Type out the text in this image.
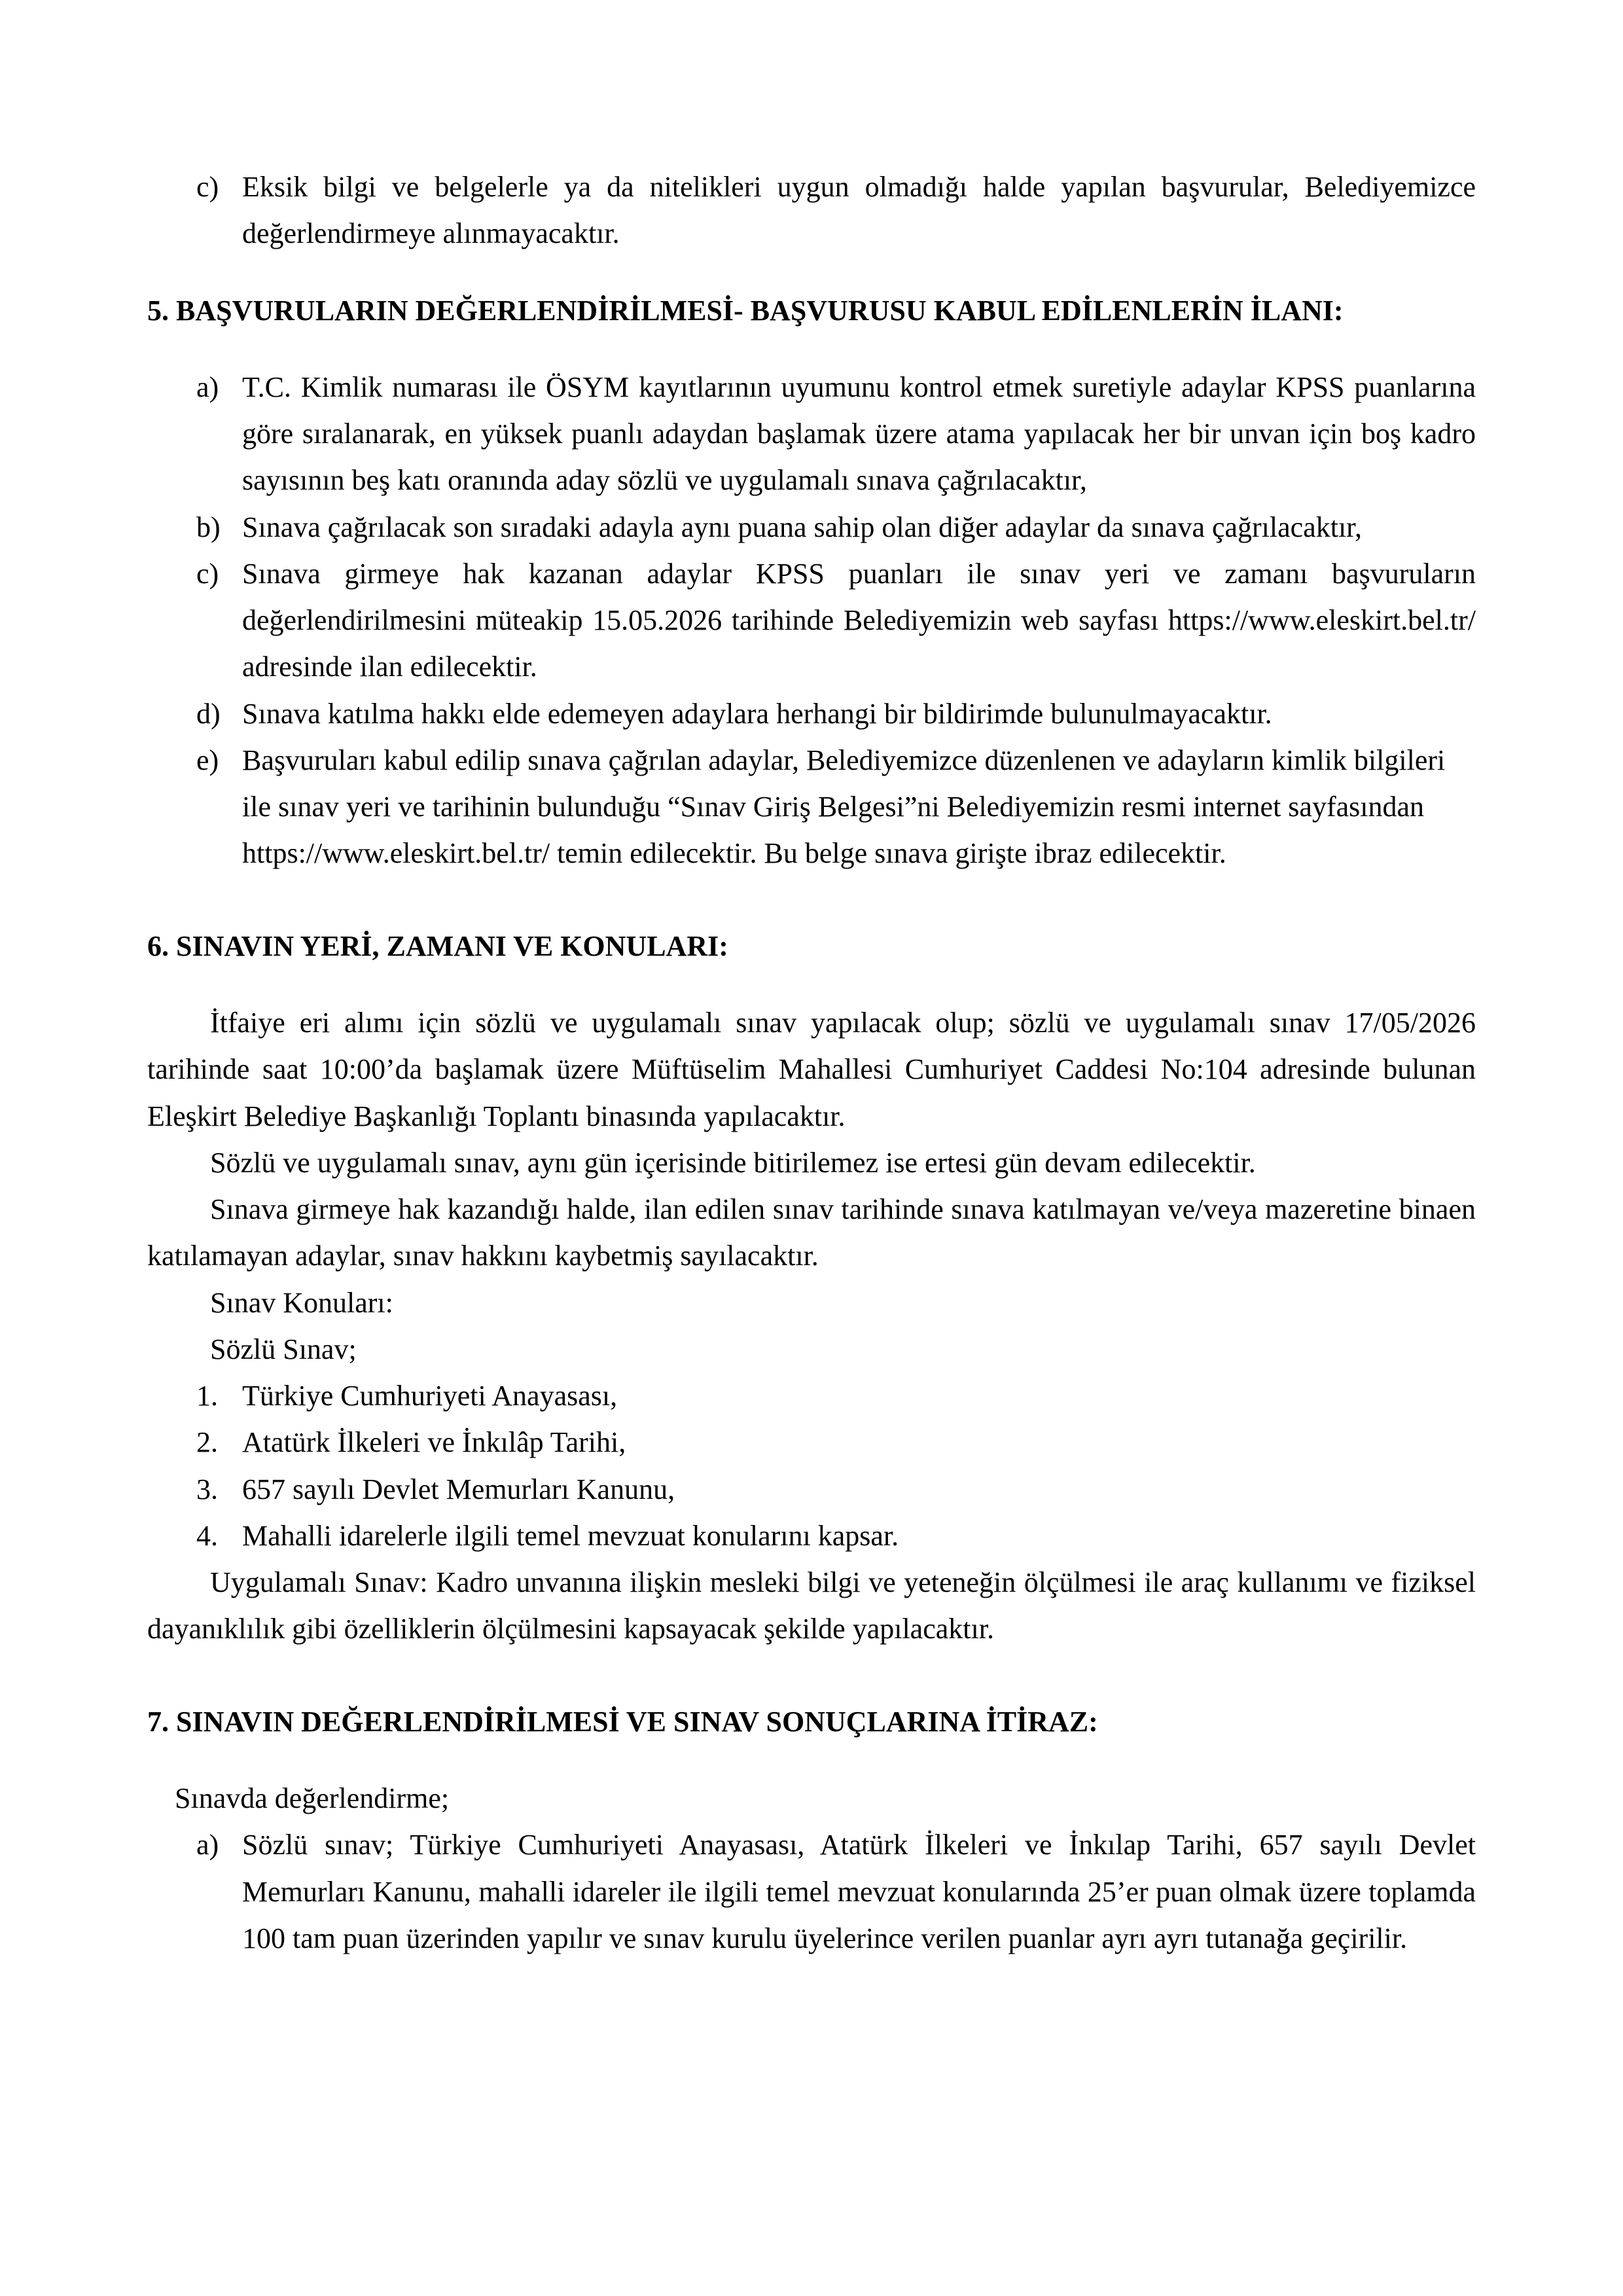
c) Eksik bilgi ve belgelerle ya da nitelikleri uygun olmadığı halde yapılan başvurular, Belediyemizce değerlendirmeye alınmayacaktır.
5. BAŞVURULARIN DEĞERLENDİRİLMESİ- BAŞVURUSU KABUL EDİLENLERİN İLANI:
a) T.C. Kimlik numarası ile ÖSYM kayıtlarının uyumunu kontrol etmek suretiyle adaylar KPSS puanlarına göre sıralanarak, en yüksek puanlı adaydan başlamak üzere atama yapılacak her bir unvan için boş kadro sayısının beş katı oranında aday sözlü ve uygulamalı sınava çağrılacaktır,
b) Sınava çağrılacak son sıradaki adayla aynı puana sahip olan diğer adaylar da sınava çağrılacaktır,
c) Sınava girmeye hak kazanan adaylar KPSS puanları ile sınav yeri ve zamanı başvuruların değerlendirilmesini müteakip 15.05.2026 tarihinde Belediyemizin web sayfası https://www.eleskirt.bel.tr/ adresinde ilan edilecektir.
d) Sınava katılma hakkı elde edemeyen adaylara herhangi bir bildirimde bulunulmayacaktır.
e) Başvuruları kabul edilip sınava çağrılan adaylar, Belediyemizce düzenlenen ve adayların kimlik bilgileri ile sınav yeri ve tarihinin bulunduğu “Sınav Giriş Belgesi”ni Belediyemizin resmi internet sayfasından https://www.eleskirt.bel.tr/ temin edilecektir. Bu belge sınava girişte ibraz edilecektir.
6. SINAVIN YERİ, ZAMANI VE KONULARI:

İtfaiye eri alımı için sözlü ve uygulamalı sınav yapılacak olup; sözlü ve uygulamalı sınav 17/05/2026 tarihinde saat 10:00’da başlamak üzere Müftüselim Mahallesi Cumhuriyet Caddesi No:104 adresinde bulunan Eleşkirt Belediye Başkanlığı Toplantı binasında yapılacaktır.

Sözlü ve uygulamalı sınav, aynı gün içerisinde bitirilemez ise ertesi gün devam edilecektir.

Sınava girmeye hak kazandığı halde, ilan edilen sınav tarihinde sınava katılmayan ve/veya mazeretine binaen katılamayan adaylar, sınav hakkını kaybetmiş sayılacaktır.

Sınav Konuları:
Sözlü Sınav;
1. Türkiye Cumhuriyeti Anayasası,
2. Atatürk İlkeleri ve İnkılâp Tarihi,
3. 657 sayılı Devlet Memurları Kanunu,
4. Mahalli idarelerle ilgili temel mevzuat konularını kapsar.

Uygulamalı Sınav: Kadro unvanına ilişkin mesleki bilgi ve yeteneğin ölçülmesi ile araç kullanımı ve fiziksel dayanıklılık gibi özelliklerin ölçülmesini kapsayacak şekilde yapılacaktır.

7. SINAVIN DEĞERLENDİRİLMESİ VE SINAV SONUÇLARINA İTİRAZ:
Sınavda değerlendirme;
a) Sözlü sınav; Türkiye Cumhuriyeti Anayasası, Atatürk İlkeleri ve İnkılap Tarihi, 657 sayılı Devlet Memurları Kanunu, mahalli idareler ile ilgili temel mevzuat konularında 25’er puan olmak üzere toplamda 100 tam puan üzerinden yapılır ve sınav kurulu üyelerince verilen puanlar ayrı ayrı tutanağa geçirilir.
